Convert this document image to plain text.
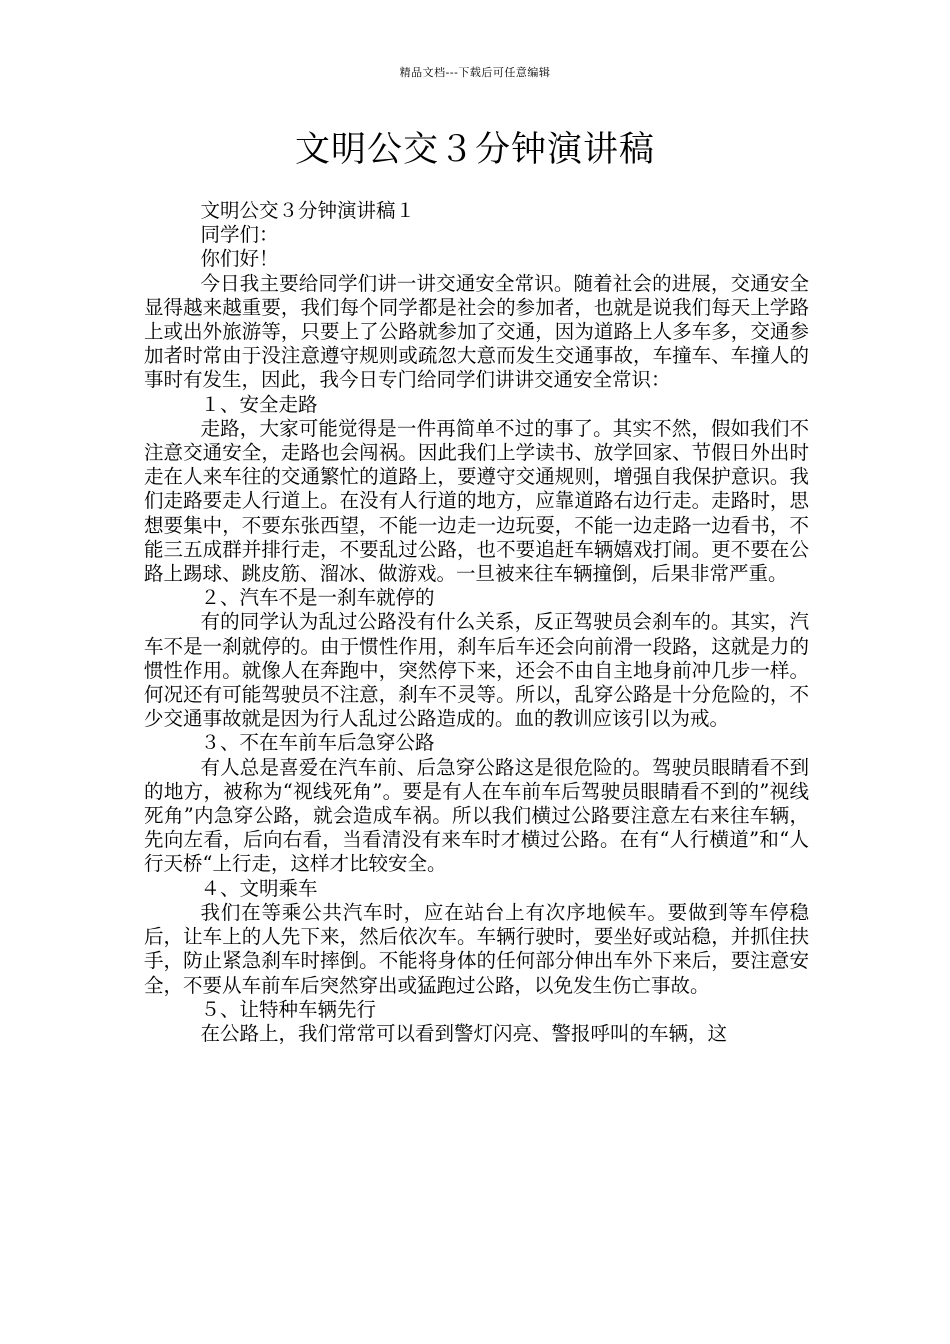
精品文档---下载后可任意编辑
文明公交３分钟演讲稿

文明公交３分钟演讲稿１

同学们：

你们好！

今日我主要给同学们讲一讲交通安全常识。随着社会的进展，交通安全显得越来越重要，我们每个同学都是社会的参加者，也就是说我们每天上学路上或出外旅游等，只要上了公路就参加了交通，因为道路上人多车多，交通参加者时常由于没注意遵守规则或疏忽大意而发生交通事故，车撞车、车撞人的事时有发生，因此，我今日专门给同学们讲讲交通安全常识：

１、安全走路

走路，大家可能觉得是一件再简单不过的事了。其实不然，假如我们不注意交通安全，走路也会闯祸。因此我们上学读书、放学回家、节假日外出时走在人来车往的交通繁忙的道路上，要遵守交通规则，增强自我保护意识。我们走路要走人行道上。在没有人行道的地方，应靠道路右边行走。走路时，思想要集中，不要东张西望，不能一边走一边玩耍，不能一边走路一边看书，不能三五成群并排行走，不要乱过公路，也不要追赶车辆嬉戏打闹。更不要在公路上踢球、跳皮筋、溜冰、做游戏。一旦被来往车辆撞倒，后果非常严重。

２、汽车不是一刹车就停的

有的同学认为乱过公路没有什么关系，反正驾驶员会刹车的。其实，汽车不是一刹就停的。由于惯性作用，刹车后车还会向前滑一段路，这就是力的惯性作用。就像人在奔跑中，突然停下来，还会不由自主地身前冲几步一样。何况还有可能驾驶员不注意，刹车不灵等。所以，乱穿公路是十分危险的，不少交通事故就是因为行人乱过公路造成的。血的教训应该引以为戒。

３、不在车前车后急穿公路

有人总是喜爱在汽车前、后急穿公路这是很危险的。驾驶员眼睛看不到的地方，被称为“视线死角”。要是有人在车前车后驾驶员眼睛看不到的”视线死角”内急穿公路，就会造成车祸。所以我们横过公路要注意左右来往车辆，先向左看，后向右看，当看清没有来车时才横过公路。在有“人行横道”和“人行天桥“上行走，这样才比较安全。

４、文明乘车

我们在等乘公共汽车时，应在站台上有次序地候车。要做到等车停稳后，让车上的人先下来，然后依次车。车辆行驶时，要坐好或站稳，并抓住扶手，防止紧急刹车时摔倒。不能将身体的任何部分伸出车外下来后，要注意安全，不要从车前车后突然穿出或猛跑过公路，以免发生伤亡事故。

５、让特种车辆先行

在公路上，我们常常可以看到警灯闪亮、警报呼叫的车辆，这
